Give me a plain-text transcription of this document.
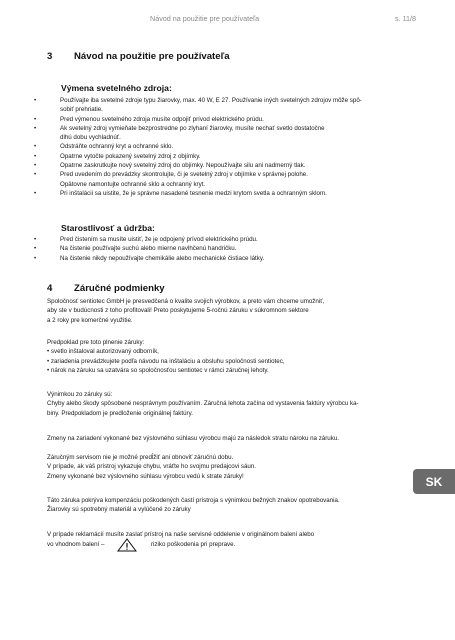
Návod na použitie pre používateľa	s. 11/8
3 Návod na použitie pre používateľa
Výmena svetelného zdroja:
• Používajte iba svetelné zdroje typu žiarovky, max. 40 W, E 27. Používanie iných svetelných zdrojov môže spô-
sobiť prehriatie.
• Pred výmenou svetelného zdroja musíte odpojiť prívod elektrického prúdu.
• Ak svetelný zdroj vymieňate bezprostredne po zlyhaní žiarovky, musíte nechať svetlo dostatočne
dlhú dobu vychladnúť.
• Odstráňte ochranný kryt a ochranné sklo.
• Opatrne vytočte pokazený svetelný zdroj z objímky.
• Opatrne zaskrutkujte nový svetelný zdroj do objímky. Nepoužívajte silu ani nadmerný tlak.
• Pred uvedením do prevádzky skontrolujte, či je svetelný zdroj v objímke v správnej polohe.
Opätovne namontujte ochranné sklo a ochranný kryt.
• Pri inštalácii sa uistite, že je správne nasadené tesnenie medzi krytom svetla a ochranným sklom.
Starostlivosť a údržba:
• Pred čistením sa musíte uistiť, že je odpojený prívod elektrického prúdu.
• Na čistenie používajte suchú alebo mierne navlhčenú handričku.
• Na čistenie nikdy nepoužívajte chemikálie alebo mechanické čistiace látky.
4 Záručné podmienky
Spoločnosť sentiotec GmbH je presvedčená o kvalite svojich výrobkov, a preto vám chceme umožniť,
aby ste v budúcnosti z toho profitovali! Preto poskytujeme 5-ročnú záruku v súkromnom sektore
a 2 roky pre komerčné využitie.
Predpoklad pre toto plnenie záruky:
• svetlo inštaloval autorizovaný odborník,
• zariadenia prevádzkujete podľa návodu na inštaláciu a obsluhu spoločnosti sentiotec,
• nárok na záruku sa uzatvára so spoločnosťou sentiotec v rámci záručnej lehoty.
Výnimkou zo záruky sú:
Chyby alebo škody spôsobené nesprávnym používaním. Záručná lehota začína od vystavenia faktúry výrobcu ka-
biny. Predpokladom je predloženie originálnej faktúry.
Zmeny na zariadení vykonané bez výslovného súhlasu výrobcu majú za následok stratu nároku na záruku.
Záručným servisom nie je možné predĺžiť ani obnoviť záručnú dobu.
V prípade, ak váš prístroj vykazuje chybu, vráťte ho svojmu predajcovi sáun.
Zmeny vykonané bez výslovného súhlasu výrobcu vedú k strate záruky!
Táto záruka pokrýva kompenzáciu poškodených častí prístroja s výnimkou bežných znakov opotrebovania.
Žiarovky sú spotrebný materiál a vylúčené zo záruky
V prípade reklamácií musíte zaslať prístroj na naše servisné oddelenie v originálnom balení alebo
vo vhodnom balení –	riziko poškodenia pri preprave.
SK
